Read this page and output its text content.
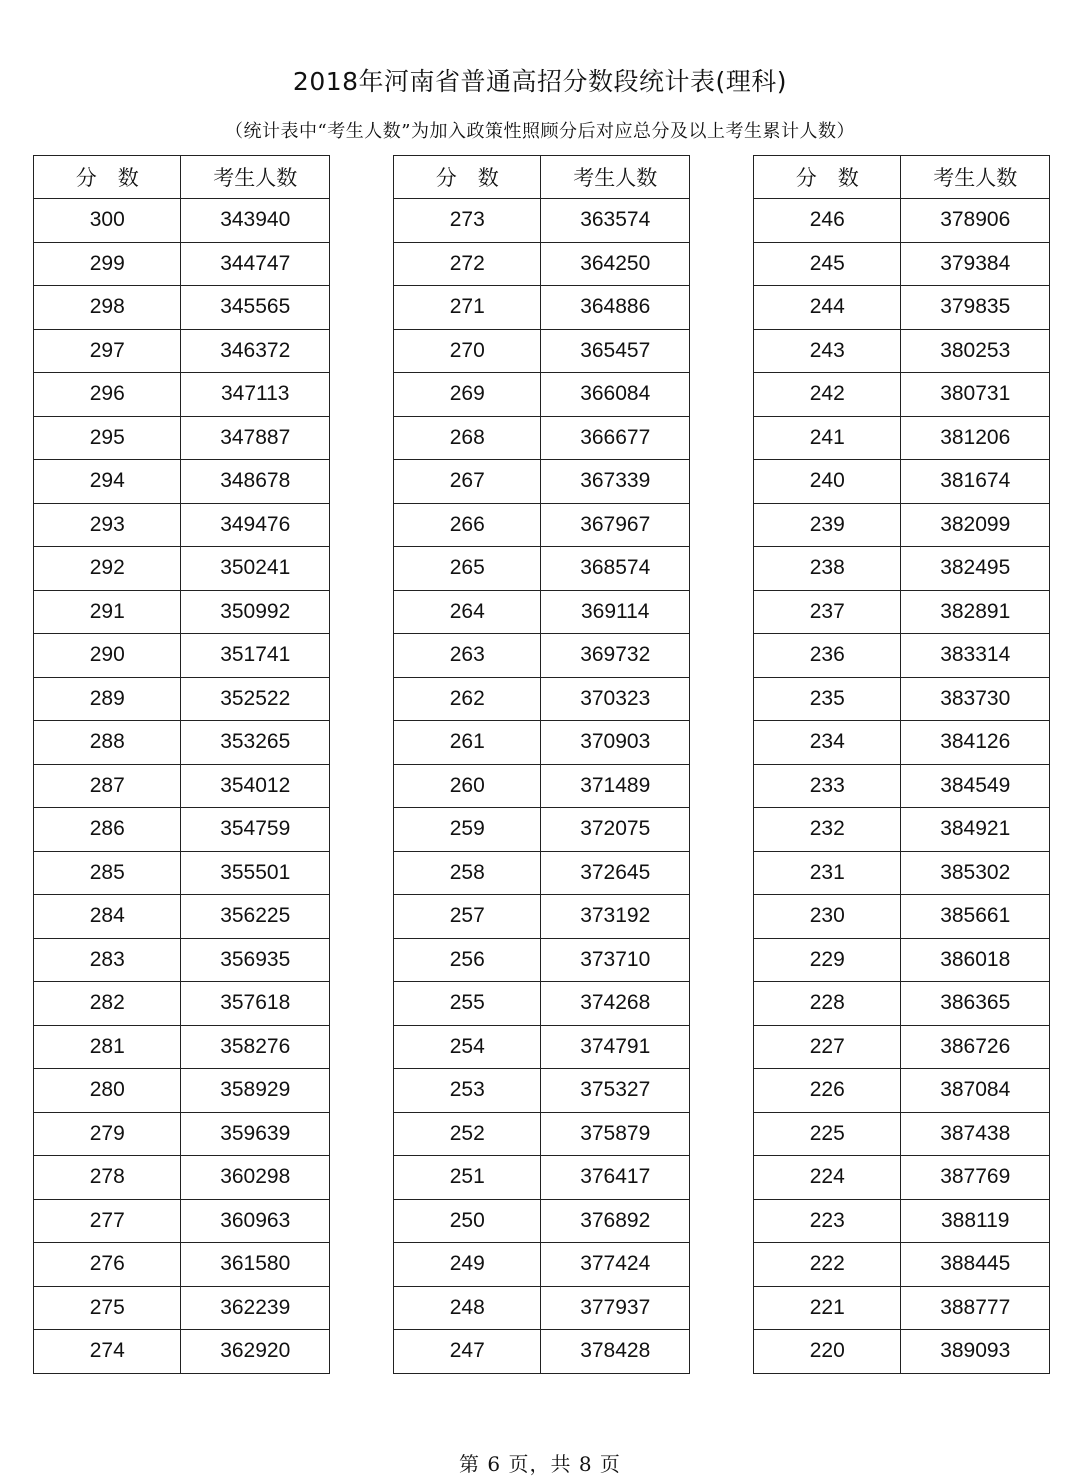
2018年河南省普通高招分数段统计表(理科)
（统计表中“考生人数”为加入政策性照顾分后对应总分及以上考生累计人数）
分　数	考生人数
300	343940
299	344747
298	345565
297	346372
296	347113
295	347887
294	348678
293	349476
292	350241
291	350992
290	351741
289	352522
288	353265
287	354012
286	354759
285	355501
284	356225
283	356935
282	357618
281	358276
280	358929
279	359639
278	360298
277	360963
276	361580
275	362239
274	362920
分　数	考生人数
273	363574
272	364250
271	364886
270	365457
269	366084
268	366677
267	367339
266	367967
265	368574
264	369114
263	369732
262	370323
261	370903
260	371489
259	372075
258	372645
257	373192
256	373710
255	374268
254	374791
253	375327
252	375879
251	376417
250	376892
249	377424
248	377937
247	378428
分　数	考生人数
246	378906
245	379384
244	379835
243	380253
242	380731
241	381206
240	381674
239	382099
238	382495
237	382891
236	383314
235	383730
234	384126
233	384549
232	384921
231	385302
230	385661
229	386018
228	386365
227	386726
226	387084
225	387438
224	387769
223	388119
222	388445
221	388777
220	389093
第 6 页，共 8 页
